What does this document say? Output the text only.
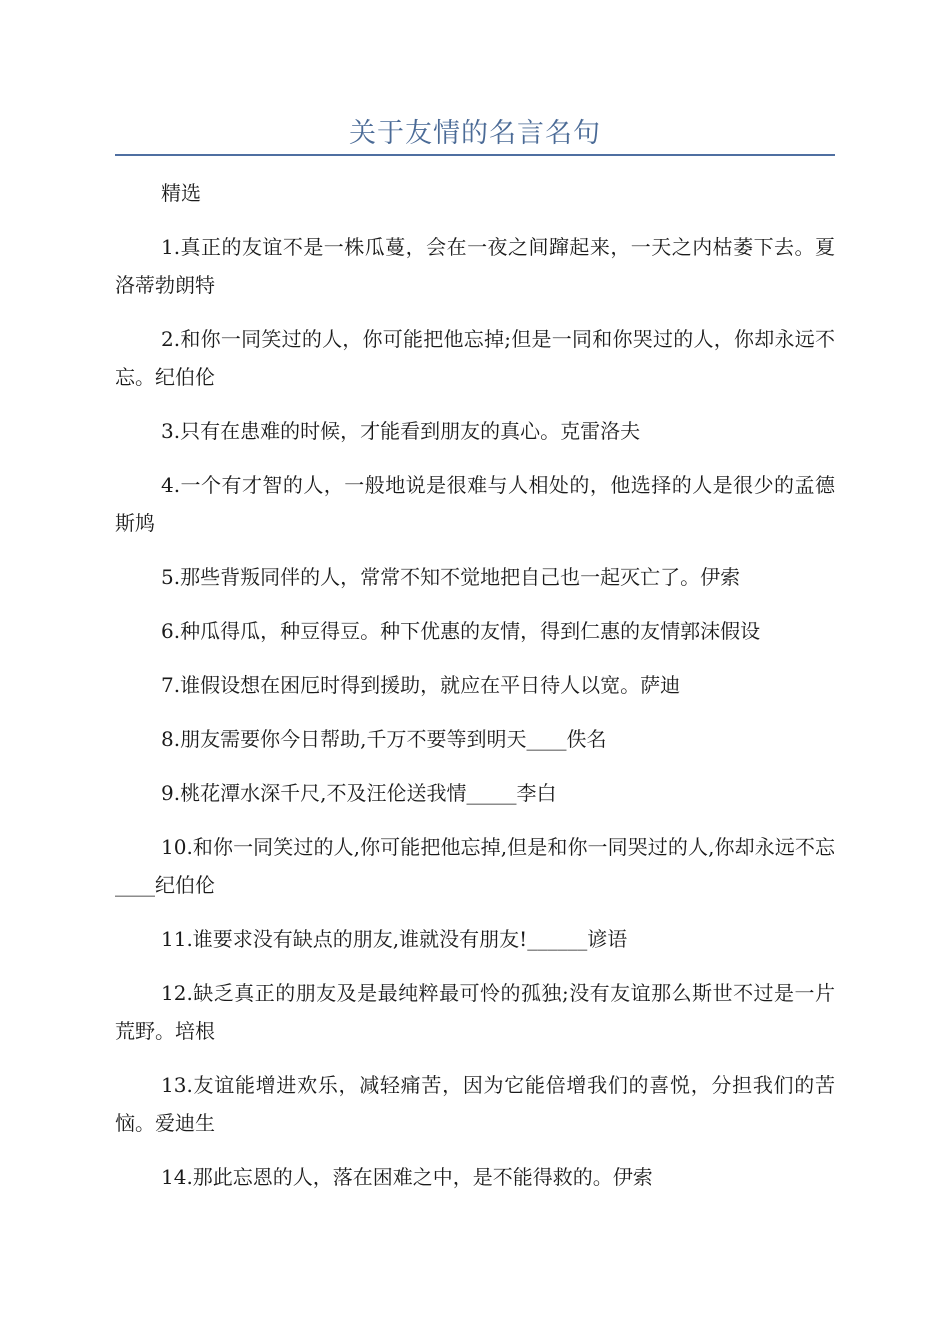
关于友情的名言名句

精选

1.真正的友谊不是一株瓜蔓，会在一夜之间蹿起来，一天之内枯萎下去。夏洛蒂勃朗特

2.和你一同笑过的人，你可能把他忘掉;但是一同和你哭过的人，你却永远不忘。纪伯伦

3.只有在患难的时候，才能看到朋友的真心。克雷洛夫

4.一个有才智的人，一般地说是很难与人相处的，他选择的人是很少的孟德斯鸠

5.那些背叛同伴的人，常常不知不觉地把自己也一起灭亡了。伊索

6.种瓜得瓜，种豆得豆。种下优惠的友情，得到仁惠的友情郭沫假设

7.谁假设想在困厄时得到援助，就应在平日待人以宽。萨迪

8.朋友需要你今日帮助,千万不要等到明天____佚名

9.桃花潭水深千尺,不及汪伦送我情_____李白

10.和你一同笑过的人,你可能把他忘掉,但是和你一同哭过的人,你却永远不忘____纪伯伦

11.谁要求没有缺点的朋友,谁就没有朋友!______谚语

12.缺乏真正的朋友及是最纯粹最可怜的孤独;没有友谊那么斯世不过是一片荒野。培根

13.友谊能增进欢乐，减轻痛苦，因为它能倍增我们的喜悦，分担我们的苦恼。爱迪生

14.那此忘恩的人，落在困难之中，是不能得救的。伊索
